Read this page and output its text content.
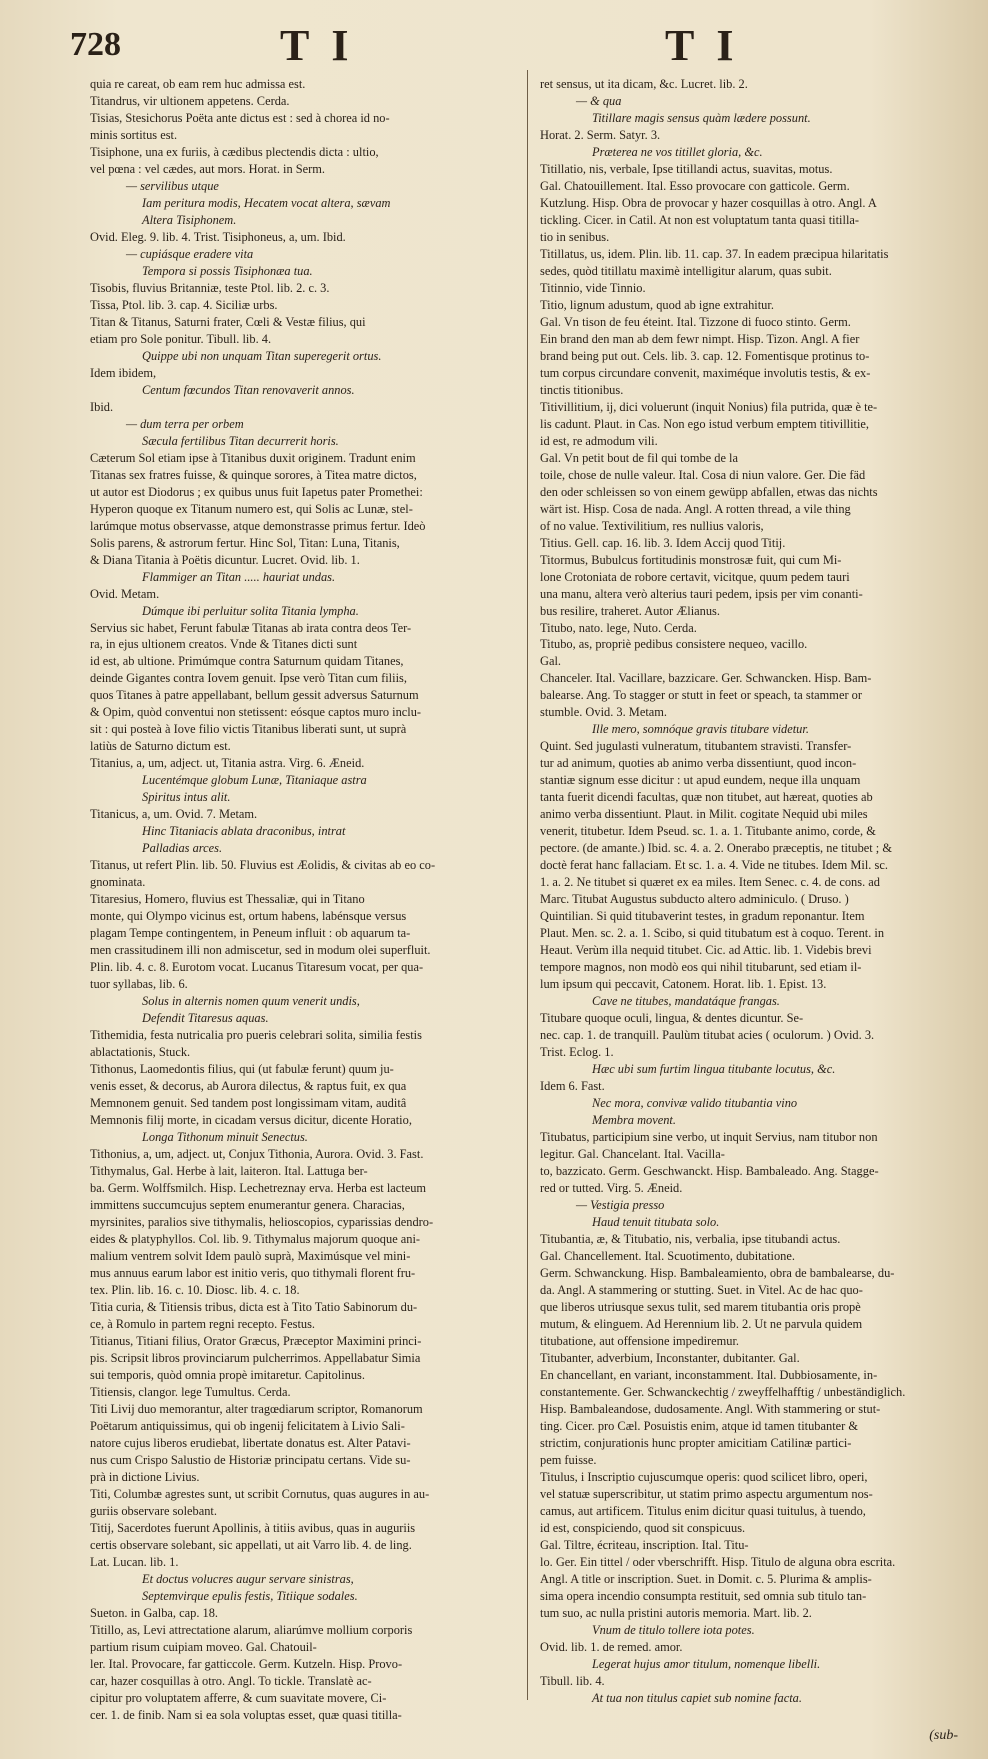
728	TI	TI

quia re careat, ob eam rem huc admissa est.

Titandrus, vir ultionem appetens. Cerda.

Tisias, Stesichorus Poëta ante dictus est : sed à chorea id no-

minis sortitus est.

Tisiphone, una ex furiis, à cædibus plectendis dicta : ultio,

vel pœna : vel cædes, aut mors. Horat. in Serm.

— servilibus utque

Iam peritura modis, Hecatem vocat altera, sævam

Altera Tisiphonem.

Ovid. Eleg. 9. lib. 4. Trist. Tisiphoneus, a, um. Ibid.

— cupiásque eradere vita

Tempora si possis Tisiphonæa tua.

Tisobis, fluvius Britanniæ, teste Ptol. lib. 2. c. 3.

Tissa, Ptol. lib. 3. cap. 4. Siciliæ urbs.

Titan & Titanus, Saturni frater, Cœli & Vestæ filius, qui

etiam pro Sole ponitur. Tibull. lib. 4.

Quippe ubi non unquam Titan superegerit ortus.

Idem ibidem,

Centum fœcundos Titan renovaverit annos.

Ibid.

— dum terra per orbem

Sæcula fertilibus Titan decurrerit horis.

Cæterum Sol etiam ipse à Titanibus duxit originem. Tradunt enim

Titanas sex fratres fuisse, & quinque sorores, à Titea matre dictos,

ut autor est Diodorus ; ex quibus unus fuit Iapetus pater Promethei:

Hyperon quoque ex Titanum numero est, qui Solis ac Lunæ, stel-

larúmque motus observasse, atque demonstrasse primus fertur. Ideò

Solis parens, & astrorum fertur. Hinc Sol, Titan: Luna, Titanis,

& Diana Titania à Poëtis dicuntur. Lucret. Ovid. lib. 1.

Flammiger an Titan ..... hauriat undas.

Ovid. Metam.

Dúmque ibi perluitur solita Titania lympha.

Servius sic habet, Ferunt fabulæ Titanas ab irata contra deos Ter-

ra, in ejus ultionem creatos. Vnde & Titanes dicti sunt

id est, ab ultione. Primúmque contra Saturnum quidam Titanes,

deinde Gigantes contra Iovem genuit. Ipse verò Titan cum filiis,

quos Titanes à patre appellabant, bellum gessit adversus Saturnum

& Opim, quòd conventui non stetissent: eósque captos muro inclu-

sit : qui posteà à Iove filio victis Titanibus liberati sunt, ut suprà

latiùs de Saturno dictum est.

Titanius, a, um, adject. ut, Titania astra. Virg. 6. Æneid.

Lucentémque globum Lunæ, Titaniaque astra

Spiritus intus alit.

Titanicus, a, um. Ovid. 7. Metam.

Hinc Titaniacis ablata draconibus, intrat

Palladias arces.

Titanus, ut refert Plin. lib. 50. Fluvius est Æolidis, & civitas ab eo co-

gnominata.

Titaresius, Homero, fluvius est Thessaliæ, qui in Titano

monte, qui Olympo vicinus est, ortum habens, labénsque versus

plagam Tempe contingentem, in Peneum influit : ob aquarum ta-

men crassitudinem illi non admiscetur, sed in modum olei superfluit.

Plin. lib. 4. c. 8. Eurotom vocat. Lucanus Titaresum vocat, per qua-

tuor syllabas, lib. 6.

Solus in alternis nomen quum venerit undis,

Defendit Titaresus aquas.

Tithemidia, festa nutricalia pro pueris celebrari solita, similia festis

ablactationis, Stuck.

Tithonus, Laomedontis filius, qui (ut fabulæ ferunt) quum ju-

venis esset, & decorus, ab Aurora dilectus, & raptus fuit, ex qua

Memnonem genuit. Sed tandem post longissimam vitam, auditâ

Memnonis filij morte, in cicadam versus dicitur, dicente Horatio,

Longa Tithonum minuit Senectus.

Tithonius, a, um, adject. ut, Conjux Tithonia, Aurora. Ovid. 3. Fast.

Tithymalus, Gal. Herbe à lait, laiteron. Ital. Lattuga ber-

ba. Germ. Wolffsmilch. Hisp. Lechetreznay erva. Herba est lacteum

immittens succumcujus septem enumerantur genera. Characias,

myrsinites, paralios sive tithymalis, helioscopios, cyparissias dendro-

eides & platyphyllos. Col. lib. 9. Tithymalus majorum quoque ani-

malium ventrem solvit Idem paulò suprà, Maximúsque vel mini-

mus annuus earum labor est initio veris, quo tithymali florent fru-

tex. Plin. lib. 16. c. 10. Diosc. lib. 4. c. 18.

Titia curia, & Titiensis tribus, dicta est à Tito Tatio Sabinorum du-

ce, à Romulo in partem regni recepto. Festus.

Titianus, Titiani filius, Orator Græcus, Præceptor Maximini princi-

pis. Scripsit libros provinciarum pulcherrimos. Appellabatur Simia

sui temporis, quòd omnia propè imitaretur. Capitolinus.

Titiensis, clangor. lege Tumultus. Cerda.

Titi Livij duo memorantur, alter tragœdiarum scriptor, Romanorum

Poëtarum antiquissimus, qui ob ingenij felicitatem à Livio Sali-

natore cujus liberos erudiebat, libertate donatus est. Alter Patavi-

nus cum Crispo Salustio de Historiæ principatu certans. Vide su-

prà in dictione Livius.

Titi, Columbæ agrestes sunt, ut scribit Cornutus, quas augures in au-

guriis observare solebant.

Titij, Sacerdotes fuerunt Apollinis, à titiis avibus, quas in auguriis

certis observare solebant, sic appellati, ut ait Varro lib. 4. de ling.

Lat. Lucan. lib. 1.

Et doctus volucres augur servare sinistras,

Septemvirque epulis festis, Titiique sodales.

Sueton. in Galba, cap. 18.

Titillo, as, Levi attrectatione alarum, aliarúmve mollium corporis

partium risum cuipiam moveo. Gal. Chatouil-

ler. Ital. Provocare, far gatticcole. Germ. Kutzeln. Hisp. Provo-

car, hazer cosquillas à otro. Angl. To tickle. Translatè ac-

cipitur pro voluptatem afferre, & cum suavitate movere, Ci-

cer. 1. de finib. Nam si ea sola voluptas esset, quæ quasi titilla-

ret sensus, ut ita dicam, &c. Lucret. lib. 2.

— & qua

Titillare magis sensus quàm lædere possunt.

Horat. 2. Serm. Satyr. 3.

Præterea ne vos titillet gloria, &c.

Titillatio, nis, verbale, Ipse titillandi actus, suavitas, motus.

Gal. Chatouillement. Ital. Esso provocare con gatticole. Germ.

Kutzlung. Hisp. Obra de provocar y hazer cosquillas à otro. Angl. A

tickling. Cicer. in Catil. At non est voluptatum tanta quasi titilla-

tio in senibus.

Titillatus, us, idem. Plin. lib. 11. cap. 37. In eadem præcipua hilaritatis

sedes, quòd titillatu maximè intelligitur alarum, quas subit.

Titinnio, vide Tinnio.

Titio, lignum adustum, quod ab igne extrahitur.

Gal. Vn tison de feu éteint. Ital. Tizzone di fuoco stinto. Germ.

Ein brand den man ab dem fewr nimpt. Hisp. Tizon. Angl. A fier

brand being put out. Cels. lib. 3. cap. 12. Fomentisque protinus to-

tum corpus circundare convenit, maximéque involutis testis, & ex-

tinctis titionibus.

Titivillitium, ij, dici voluerunt (inquit Nonius) fila putrida, quæ è te-

lis cadunt. Plaut. in Cas. Non ego istud verbum emptem titivillitie,

id est, re admodum vili.

Gal. Vn petit bout de fil qui tombe de la

toile, chose de nulle valeur. Ital. Cosa di niun valore. Ger. Die fäd

den oder schleissen so von einem gewüpp abfallen, etwas das nichts

wärt ist. Hisp. Cosa de nada. Angl. A rotten thread, a vile thing

of no value. Textivilitium, res nullius valoris,

Titius. Gell. cap. 16. lib. 3. Idem Accij quod Titij.

Titormus, Bubulcus fortitudinis monstrosæ fuit, qui cum Mi-

lone Crotoniata de robore certavit, vicitque, quum pedem tauri

una manu, altera verò alterius tauri pedem, ipsis per vim conanti-

bus resilire, traheret. Autor Ælianus.

Titubo, nato. lege, Nuto. Cerda.

Titubo, as, propriè pedibus consistere nequeo, vacillo.

Gal.

Chanceler. Ital. Vacillare, bazzicare. Ger. Schwancken. Hisp. Bam-

balearse. Ang. To stagger or stutt in feet or speach, ta stammer or

stumble. Ovid. 3. Metam.

Ille mero, somnóque gravis titubare videtur.

Quint. Sed jugulasti vulneratum, titubantem stravisti. Transfer-

tur ad animum, quoties ab animo verba dissentiunt, quod incon-

stantiæ signum esse dicitur : ut apud eundem, neque illa unquam

tanta fuerit dicendi facultas, quæ non titubet, aut hæreat, quoties ab

animo verba dissentiunt. Plaut. in Milit. cogitate Nequid ubi miles

venerit, titubetur. Idem Pseud. sc. 1. a. 1. Titubante animo, corde, &

pectore. (de amante.) Ibid. sc. 4. a. 2. Onerabo præceptis, ne titubet ; &

doctè ferat hanc fallaciam. Et sc. 1. a. 4. Vide ne titubes. Idem Mil. sc.

1. a. 2. Ne titubet si quæret ex ea miles. Item Senec. c. 4. de cons. ad

Marc. Titubat Augustus subducto altero adminiculo. ( Druso. )

Quintilian. Si quid titubaverint testes, in gradum reponantur. Item

Plaut. Men. sc. 2. a. 1. Scibo, si quid titubatum est à coquo. Terent. in

Heaut. Verùm illa nequid titubet. Cic. ad Attic. lib. 1. Videbis brevi

tempore magnos, non modò eos qui nihil titubarunt, sed etiam il-

lum ipsum qui peccavit, Catonem. Horat. lib. 1. Epist. 13.

Cave ne titubes, mandatáque frangas.

Titubare quoque oculi, lingua, & dentes dicuntur. Se-

nec. cap. 1. de tranquill. Paulùm titubat acies ( oculorum. ) Ovid. 3.

Trist. Eclog. 1.

Hæc ubi sum furtim lingua titubante locutus, &c.

Idem 6. Fast.

Nec mora, convivæ valido titubantia vino

Membra movent.

Titubatus, participium sine verbo, ut inquit Servius, nam titubor non

legitur. Gal. Chancelant. Ital. Vacilla-

to, bazzicato. Germ. Geschwanckt. Hisp. Bambaleado. Ang. Stagge-

red or tutted. Virg. 5. Æneid.

— Vestigia presso

Haud tenuit titubata solo.

Titubantia, æ, & Titubatio, nis, verbalia, ipse titubandi actus.

Gal. Chancellement. Ital. Scuotimento, dubitatione.

Germ. Schwanckung. Hisp. Bambaleamiento, obra de bambalearse, du-

da. Angl. A stammering or stutting. Suet. in Vitel. Ac de hac quo-

que liberos utriusque sexus tulit, sed marem titubantia oris propè

mutum, & elinguem. Ad Herennium lib. 2. Ut ne parvula quidem

titubatione, aut offensione impediremur.

Titubanter, adverbium, Inconstanter, dubitanter. Gal.

En chancellant, en variant, inconstamment. Ital. Dubbiosamente, in-

constantemente. Ger. Schwanckechtig / zweyffelhafftig / unbeständiglich.

Hisp. Bambaleandose, dudosamente. Angl. With stammering or stut-

ting. Cicer. pro Cæl. Posuistis enim, atque id tamen titubanter &

strictim, conjurationis hunc propter amicitiam Catilinæ partici-

pem fuisse.

Titulus, i Inscriptio cujuscumque operis: quod scilicet libro, operi,

vel statuæ superscribitur, ut statim primo aspectu argumentum nos-

camus, aut artificem. Titulus enim dicitur quasi tuitulus, à tuendo,

id est, conspiciendo, quod sit conspicuus.

Gal. Tiltre, écriteau, inscription. Ital. Titu-

lo. Ger. Ein tittel / oder vberschrifft. Hisp. Titulo de alguna obra escrita.

Angl. A title or inscription. Suet. in Domit. c. 5. Plurima & amplis-

sima opera incendio consumpta restituit, sed omnia sub titulo tan-

tum suo, ac nulla pristini autoris memoria. Mart. lib. 2.

Vnum de titulo tollere iota potes.

Ovid. lib. 1. de remed. amor.

Legerat hujus amor titulum, nomenque libelli.

Tibull. lib. 4.

At tua non titulus capiet sub nomine facta.

(sub-
